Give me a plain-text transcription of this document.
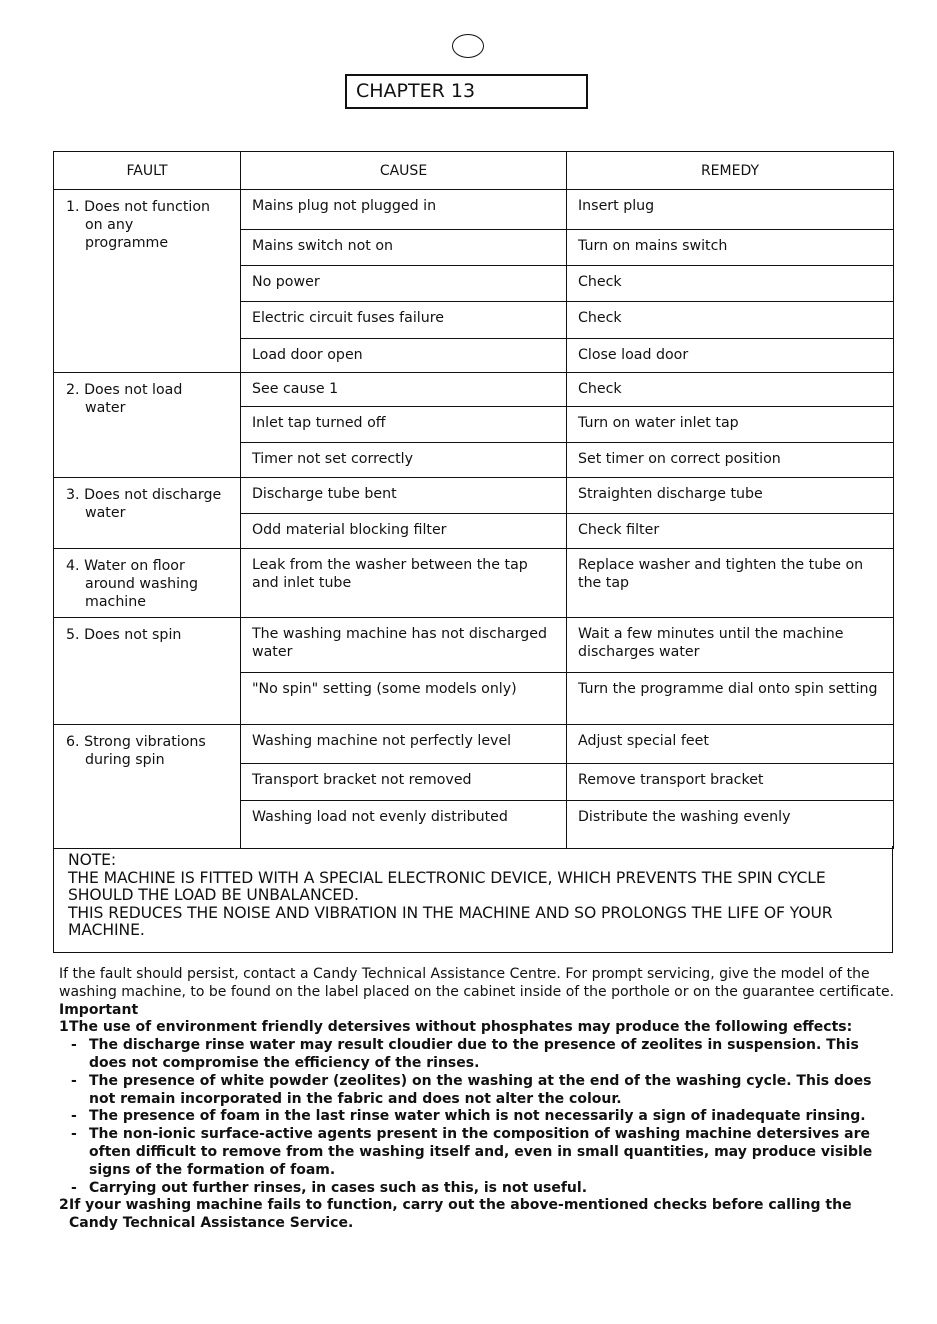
CHAPTER 13
FAULT	CAUSE	REMEDY
1. Does not function
on any
programme	Mains plug not plugged in	Insert plug
	Mains switch not on	Turn on mains switch
	No power	Check
	Electric circuit fuses failure	Check
	Load door open	Close load door
2. Does not load
water	See cause 1	Check
	Inlet tap turned off	Turn on water inlet tap
	Timer not set correctly	Set timer on correct position
3. Does not discharge
water	Discharge tube bent	Straighten discharge tube
	Odd material blocking filter	Check filter
4. Water on floor
around washing
machine	Leak from the washer between the tap and inlet tube	Replace washer and tighten the tube on the tap
5. Does not spin	The washing machine has not discharged water	Wait a few minutes until the machine discharges water
	"No spin" setting (some models only)	Turn the programme dial onto spin setting
6. Strong vibrations
during spin	Washing machine not perfectly level	Adjust special feet
	Transport bracket not removed	Remove transport bracket
	Washing load not evenly distributed	Distribute the washing evenly

NOTE:

THE MACHINE IS FITTED WITH A SPECIAL ELECTRONIC DEVICE, WHICH PREVENTS THE SPIN CYCLE SHOULD THE LOAD BE UNBALANCED.

THIS REDUCES THE NOISE AND VIBRATION IN THE MACHINE AND SO PROLONGS THE LIFE OF YOUR MACHINE.

If the fault should persist, contact a Candy Technical Assistance Centre. For prompt servicing, give the model of the washing machine, to be found on the label placed on the cabinet inside of the porthole or on the guarantee certificate.

Important

1 The use of environment friendly detersives without phosphates may produce the following effects:

- The discharge rinse water may result cloudier due to the presence of zeolites in suspension. This does not compromise the efficiency of the rinses.

- The presence of white powder (zeolites) on the washing at the end of the washing cycle. This does not remain incorporated in the fabric and does not alter the colour.

- The presence of foam in the last rinse water which is not necessarily a sign of inadequate rinsing.

- The non-ionic surface-active agents present in the composition of washing machine detersives are often difficult to remove from the washing itself and, even in small quantities, may produce visible signs of the formation of foam.

- Carrying out further rinses, in cases such as this, is not useful.

2 If your washing machine fails to function, carry out the above-mentioned checks before calling the Candy Technical Assistance Service.
